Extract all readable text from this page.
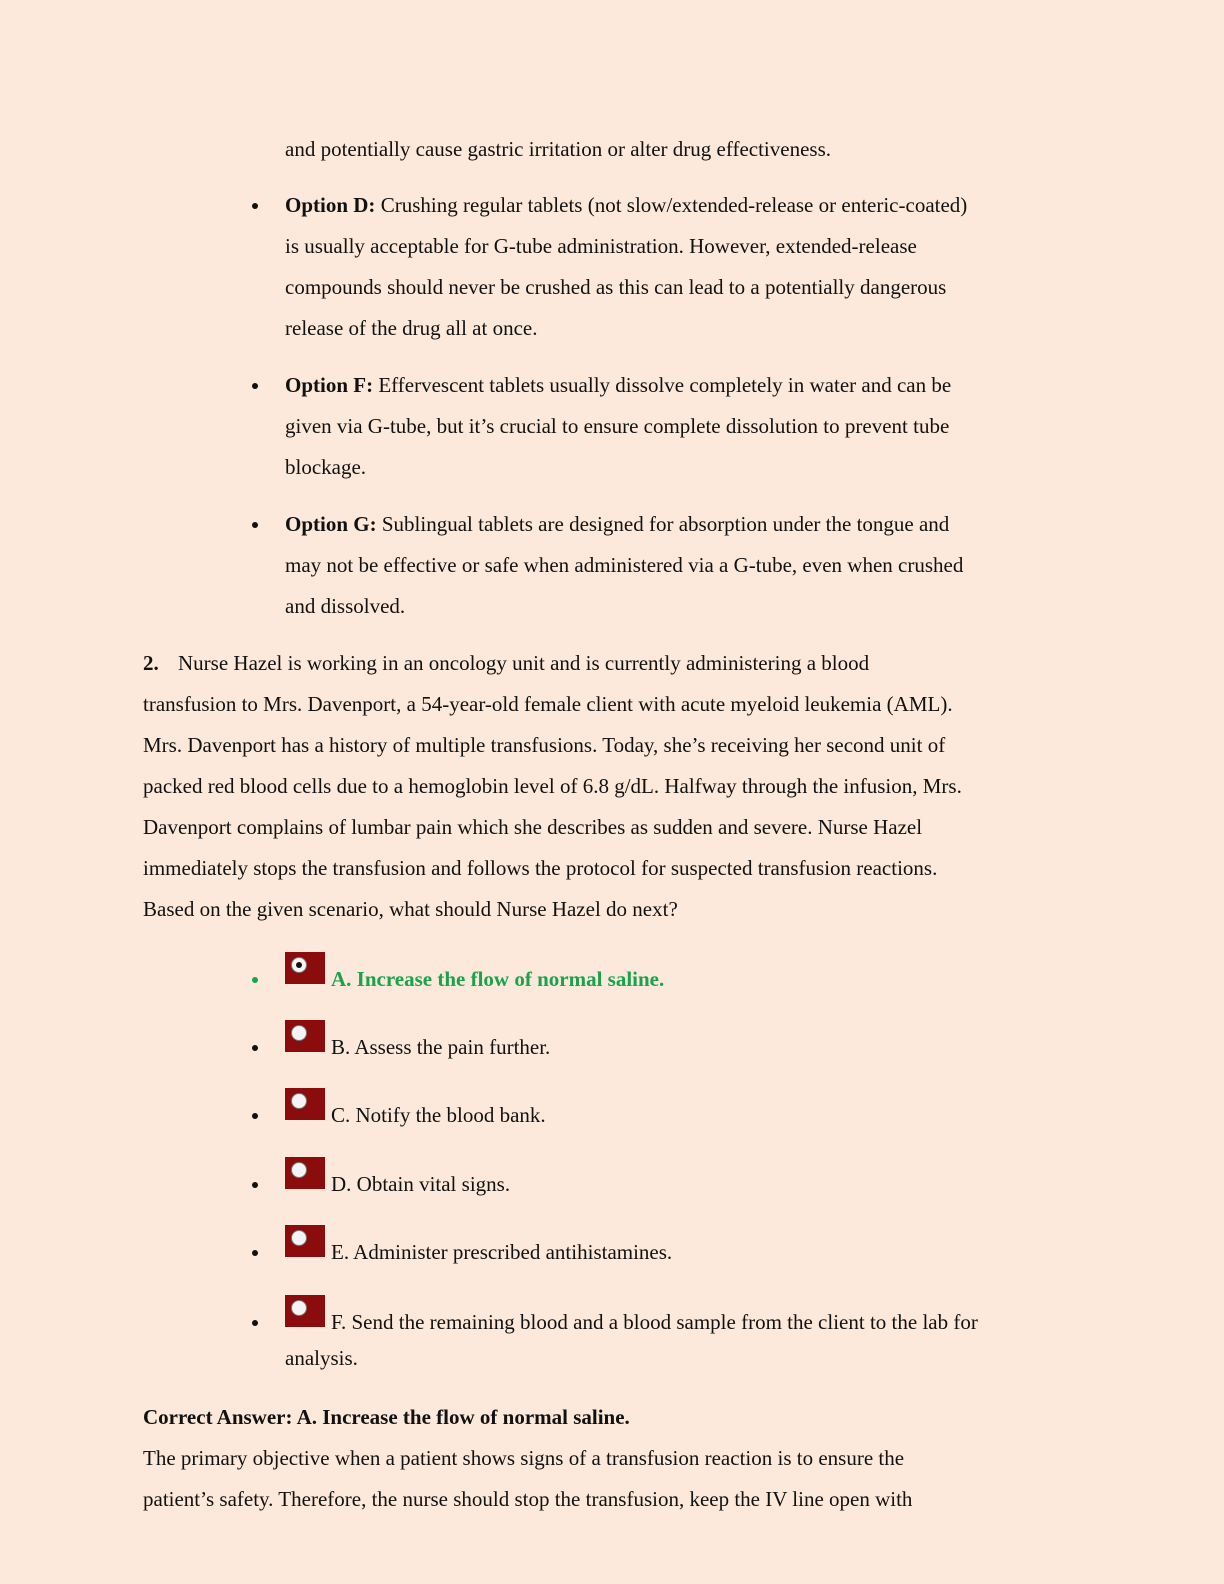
and potentially cause gastric irritation or alter drug effectiveness.
Option D: Crushing regular tablets (not slow/extended-release or enteric-coated)
is usually acceptable for G-tube administration. However, extended-release
compounds should never be crushed as this can lead to a potentially dangerous
release of the drug all at once.
Option F: Effervescent tablets usually dissolve completely in water and can be
given via G-tube, but it’s crucial to ensure complete dissolution to prevent tube
blockage.
Option G: Sublingual tablets are designed for absorption under the tongue and
may not be effective or safe when administered via a G-tube, even when crushed
and dissolved.
2. Nurse Hazel is working in an oncology unit and is currently administering a blood
transfusion to Mrs. Davenport, a 54-year-old female client with acute myeloid leukemia (AML).
Mrs. Davenport has a history of multiple transfusions. Today, she’s receiving her second unit of
packed red blood cells due to a hemoglobin level of 6.8 g/dL. Halfway through the infusion, Mrs.
Davenport complains of lumbar pain which she describes as sudden and severe. Nurse Hazel
immediately stops the transfusion and follows the protocol for suspected transfusion reactions.
Based on the given scenario, what should Nurse Hazel do next?
A. Increase the flow of normal saline.
B. Assess the pain further.
C. Notify the blood bank.
D. Obtain vital signs.
E. Administer prescribed antihistamines.
F. Send the remaining blood and a blood sample from the client to the lab for
analysis.
Correct Answer: A. Increase the flow of normal saline.
The primary objective when a patient shows signs of a transfusion reaction is to ensure the
patient’s safety. Therefore, the nurse should stop the transfusion, keep the IV line open with
